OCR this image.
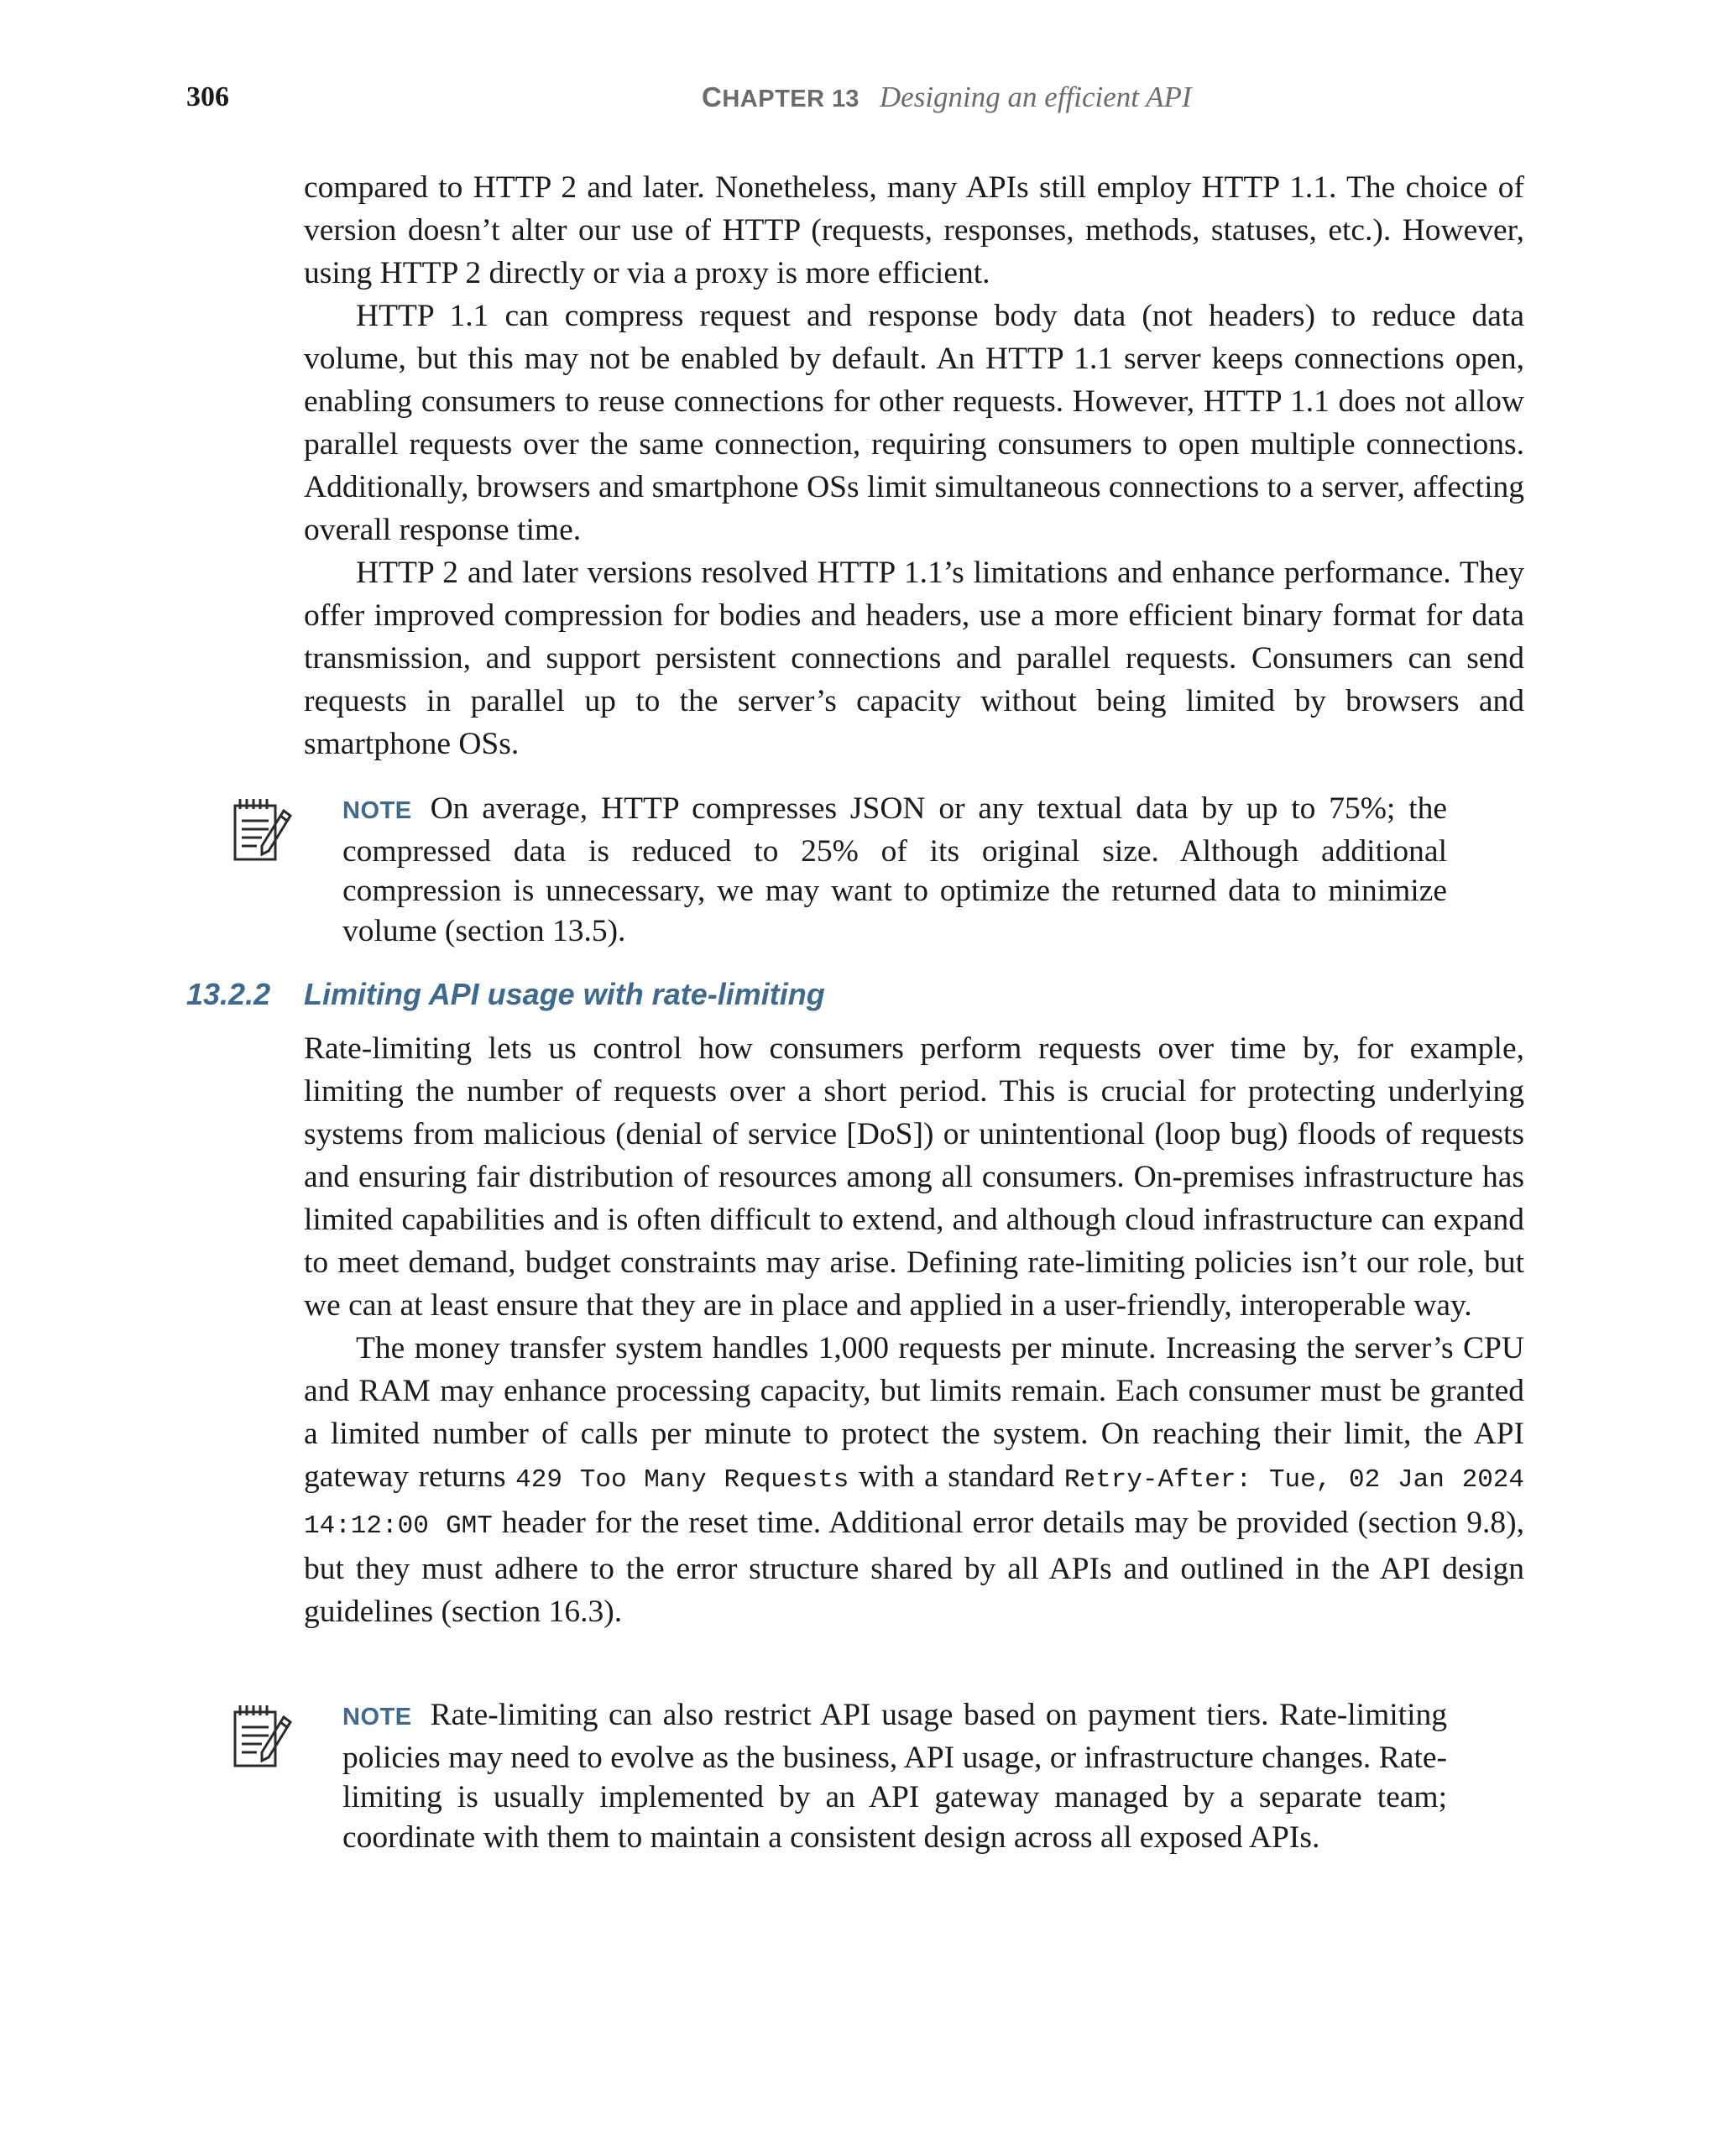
306	CHAPTER 13 Designing an efficient API

compared to HTTP 2 and later. Nonetheless, many APIs still employ HTTP 1.1. The choice of version doesn’t alter our use of HTTP (requests, responses, methods, statuses, etc.). However, using HTTP 2 directly or via a proxy is more efficient.

HTTP 1.1 can compress request and response body data (not headers) to reduce data volume, but this may not be enabled by default. An HTTP 1.1 server keeps connections open, enabling consumers to reuse connections for other requests. However, HTTP 1.1 does not allow parallel requests over the same connection, requiring consumers to open multiple connections. Additionally, browsers and smartphone OSs limit simultaneous connections to a server, affecting overall response time.

HTTP 2 and later versions resolved HTTP 1.1’s limitations and enhance performance. They offer improved compression for bodies and headers, use a more efficient binary format for data transmission, and support persistent connections and parallel requests. Consumers can send requests in parallel up to the server’s capacity without being limited by browsers and smartphone OSs.

NOTE On average, HTTP compresses JSON or any textual data by up to 75%; the compressed data is reduced to 25% of its original size. Although additional compression is unnecessary, we may want to optimize the returned data to minimize volume (section 13.5).
13.2.2 Limiting API usage with rate-limiting

Rate-limiting lets us control how consumers perform requests over time by, for example, limiting the number of requests over a short period. This is crucial for protecting underlying systems from malicious (denial of service [DoS]) or unintentional (loop bug) floods of requests and ensuring fair distribution of resources among all consumers. On-premises infrastructure has limited capabilities and is often difficult to extend, and although cloud infrastructure can expand to meet demand, budget constraints may arise. Defining rate-limiting policies isn’t our role, but we can at least ensure that they are in place and applied in a user-friendly, interoperable way.

The money transfer system handles 1,000 requests per minute. Increasing the server’s CPU and RAM may enhance processing capacity, but limits remain. Each consumer must be granted a limited number of calls per minute to protect the system. On reaching their limit, the API gateway returns 429 Too Many Requests with a standard Retry-After: Tue, 02 Jan 2024 14:12:00 GMT header for the reset time. Additional error details may be provided (section 9.8), but they must adhere to the error structure shared by all APIs and outlined in the API design guidelines (section 16.3).

NOTE Rate-limiting can also restrict API usage based on payment tiers. Rate-limiting policies may need to evolve as the business, API usage, or infrastructure changes. Rate-limiting is usually implemented by an API gateway managed by a separate team; coordinate with them to maintain a consistent design across all exposed APIs.
